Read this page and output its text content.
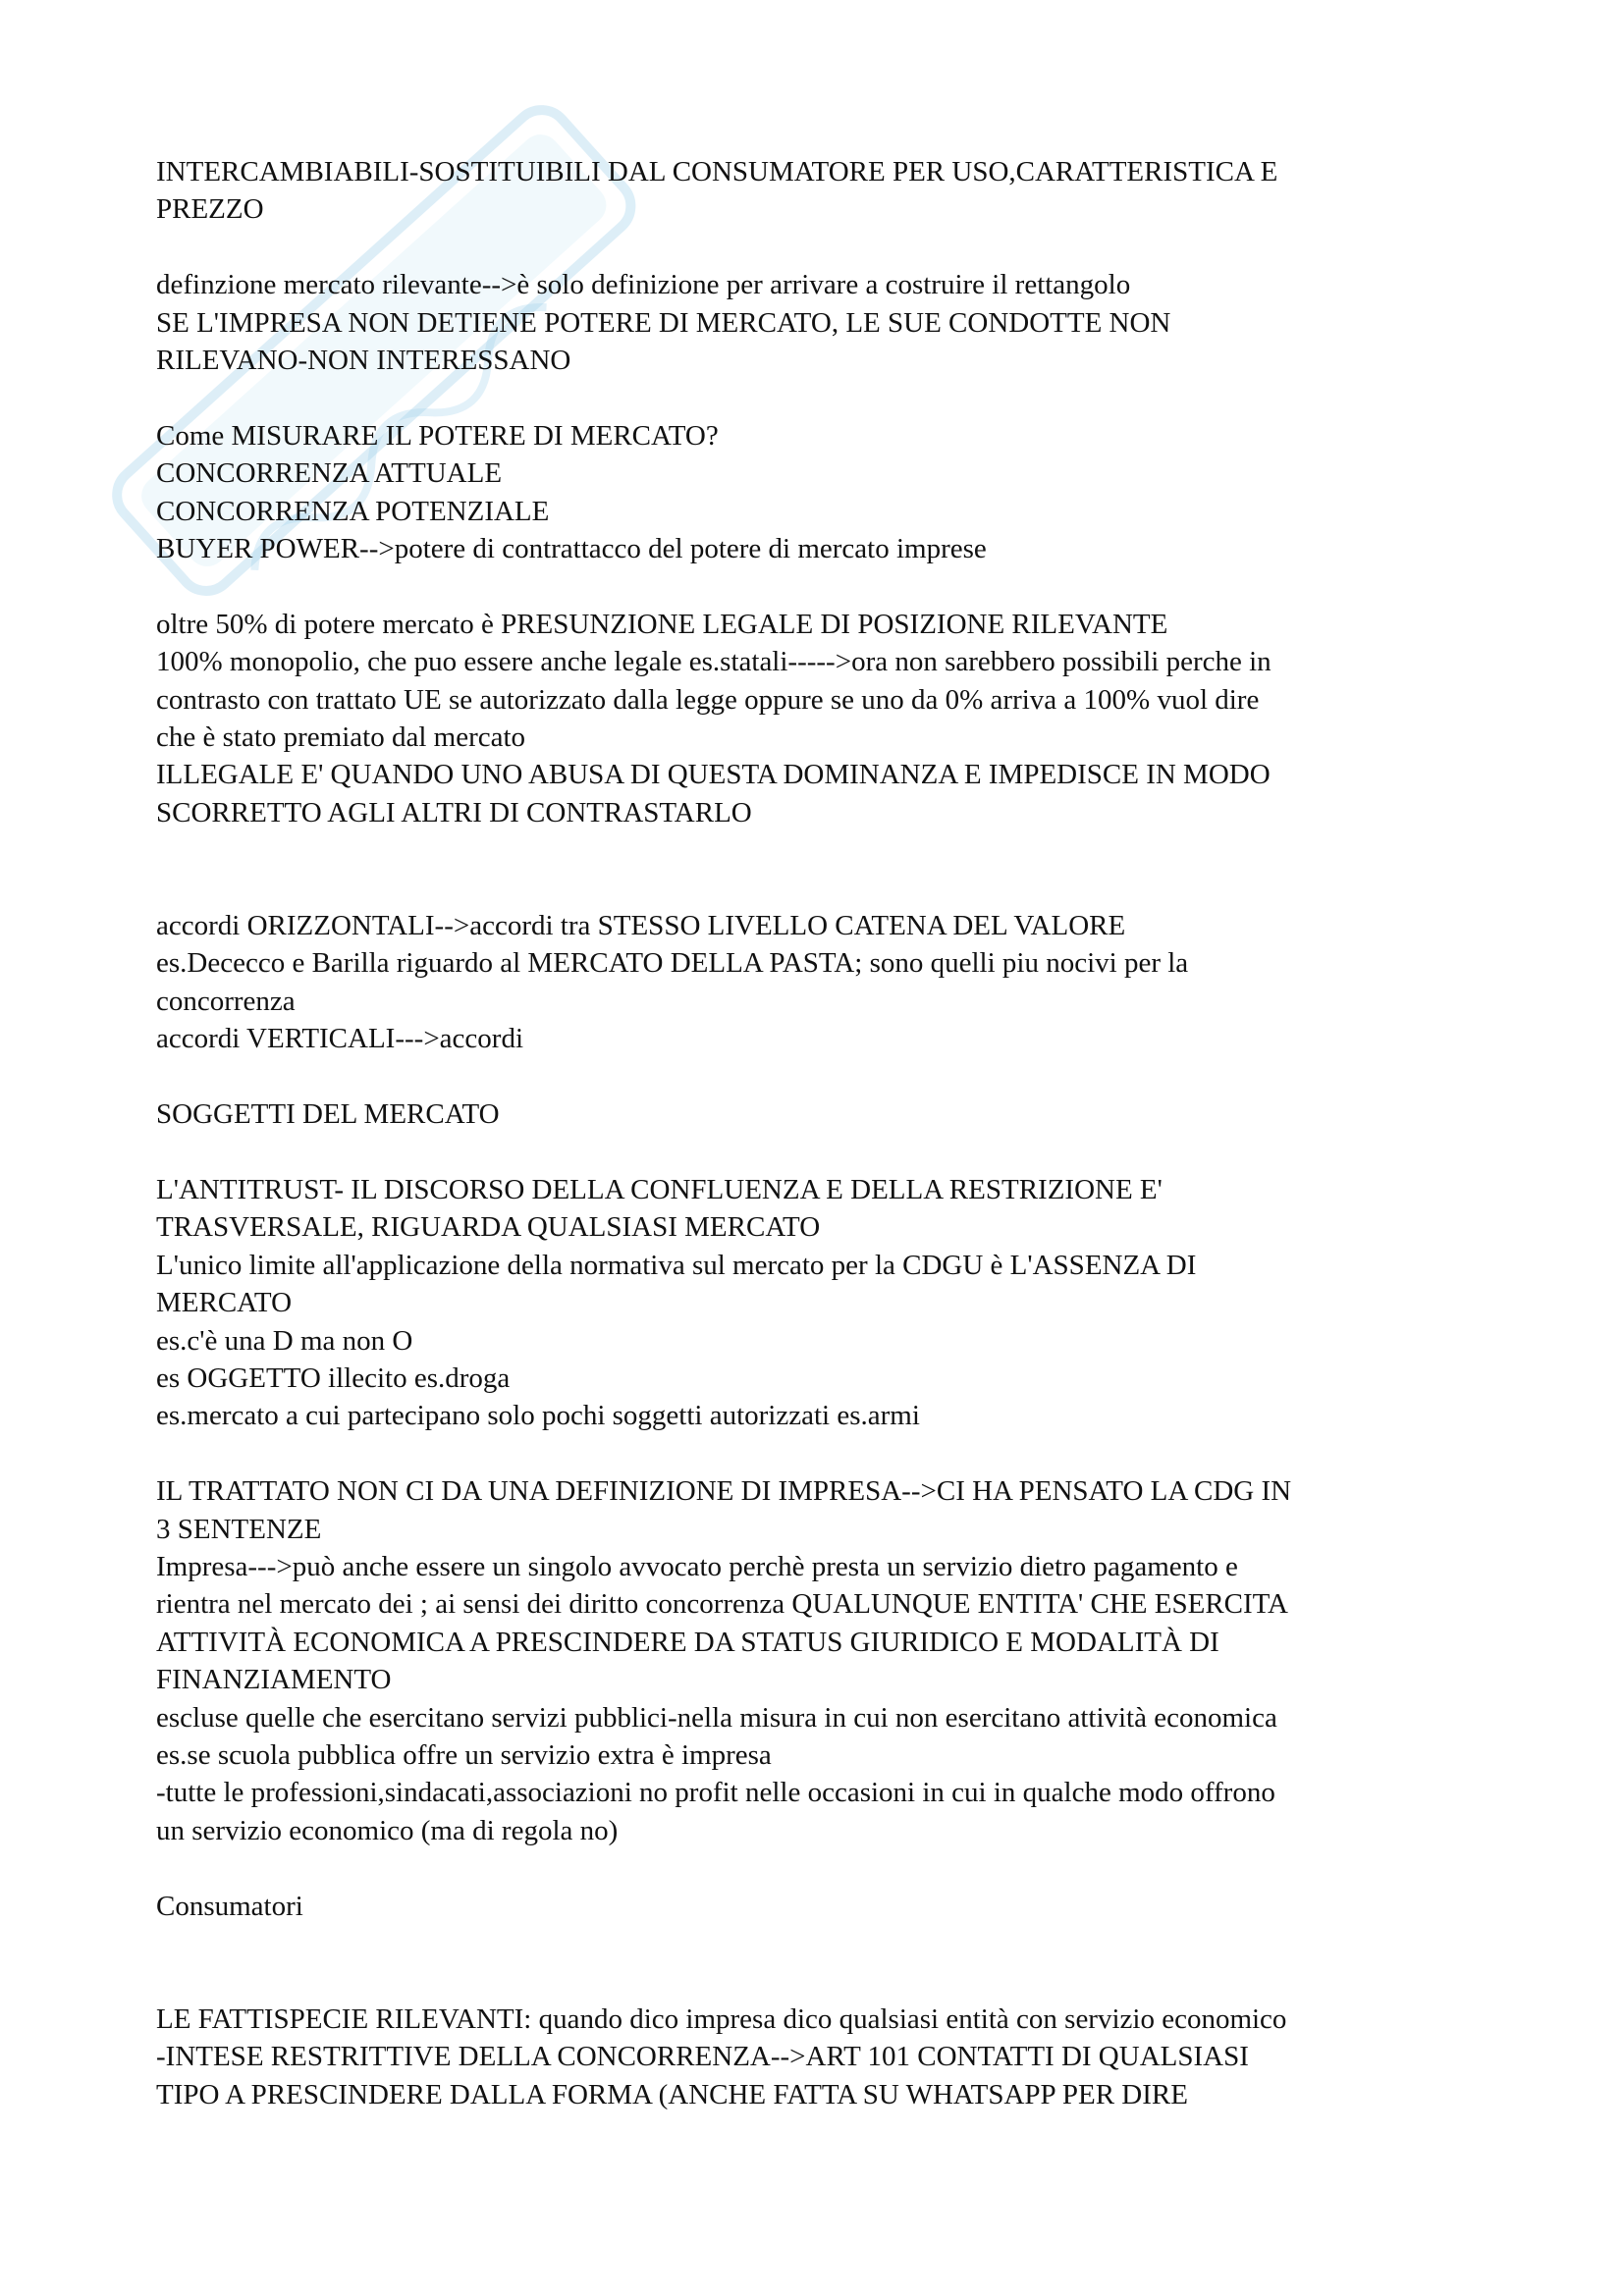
INTERCAMBIABILI-SOSTITUIBILI DAL CONSUMATORE PER USO,CARATTERISTICA E
PREZZO
definzione mercato rilevante-->è solo definizione per arrivare a costruire il rettangolo
SE L'IMPRESA NON DETIENE POTERE DI MERCATO, LE SUE CONDOTTE NON
RILEVANO-NON INTERESSANO
Come MISURARE IL POTERE DI MERCATO?
CONCORRENZA ATTUALE
CONCORRENZA POTENZIALE
BUYER POWER-->potere di contrattacco del potere di mercato imprese
oltre 50% di potere mercato è PRESUNZIONE LEGALE DI POSIZIONE RILEVANTE
100% monopolio, che puo essere anche legale es.statali----->ora non sarebbero possibili perche in
contrasto con trattato UE se autorizzato dalla legge oppure se uno da 0% arriva a 100% vuol dire
che è stato premiato dal mercato
ILLEGALE E' QUANDO UNO ABUSA DI QUESTA DOMINANZA E IMPEDISCE IN MODO
SCORRETTO AGLI ALTRI DI CONTRASTARLO
accordi ORIZZONTALI-->accordi tra STESSO LIVELLO CATENA DEL VALORE
es.Dececco e Barilla riguardo al MERCATO DELLA PASTA; sono quelli piu nocivi per la
concorrenza
accordi VERTICALI--->accordi
SOGGETTI DEL MERCATO
L'ANTITRUST- IL DISCORSO DELLA CONFLUENZA E DELLA RESTRIZIONE E'
TRASVERSALE, RIGUARDA QUALSIASI MERCATO
L'unico limite all'applicazione della normativa sul mercato per la CDGU è L'ASSENZA DI
MERCATO
es.c'è una D ma non O
es OGGETTO illecito es.droga
es.mercato a cui partecipano solo pochi soggetti autorizzati es.armi
IL TRATTATO NON CI DA UNA DEFINIZIONE DI IMPRESA-->CI HA PENSATO LA CDG IN
3 SENTENZE
Impresa--->può anche essere un singolo avvocato perchè presta un servizio dietro pagamento e
rientra nel mercato dei ; ai sensi dei diritto concorrenza QUALUNQUE ENTITA' CHE ESERCITA
ATTIVITÀ ECONOMICA A PRESCINDERE DA STATUS GIURIDICO E MODALITÀ DI
FINANZIAMENTO
escluse quelle che esercitano servizi pubblici-nella misura in cui non esercitano attività economica
es.se scuola pubblica offre un servizio extra è impresa
-tutte le professioni,sindacati,associazioni no profit nelle occasioni in cui in qualche modo offrono
un servizio economico (ma di regola no)
Consumatori
LE FATTISPECIE RILEVANTI: quando dico impresa dico qualsiasi entità con servizio economico
-INTESE RESTRITTIVE DELLA CONCORRENZA-->ART 101 CONTATTI DI QUALSIASI
TIPO A PRESCINDERE DALLA FORMA (ANCHE FATTA SU WHATSAPP PER DIRE
